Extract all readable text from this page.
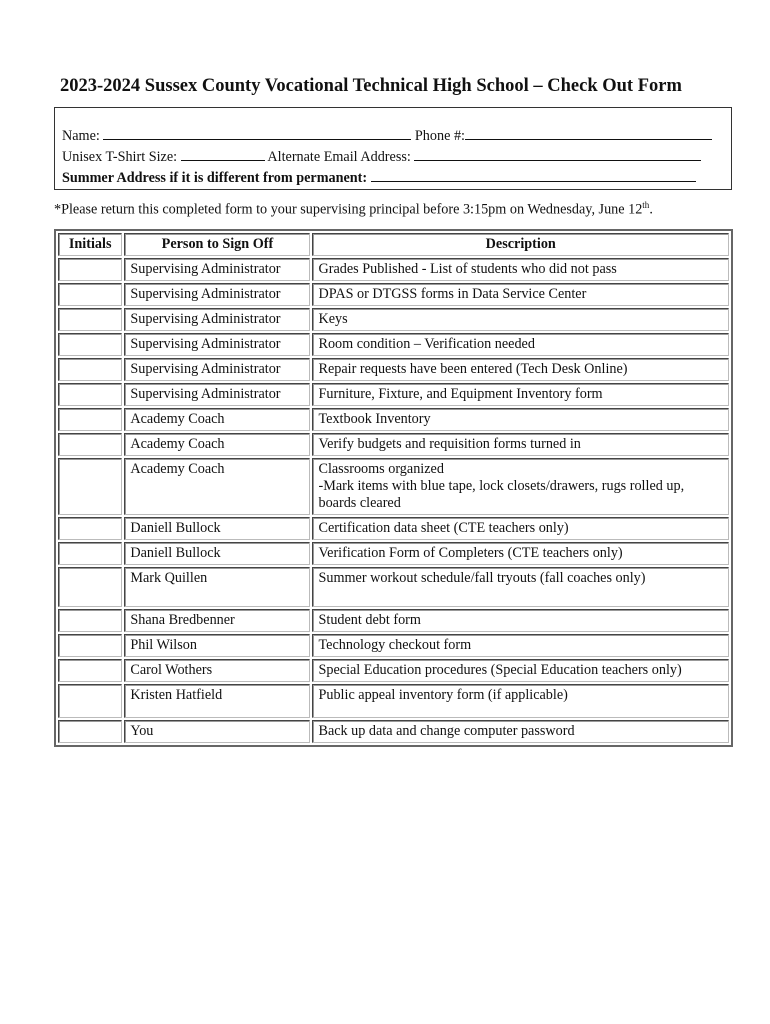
2023-2024 Sussex County Vocational Technical High School – Check Out Form
Name:	Phone #:
Unisex T-Shirt Size:	Alternate Email Address:
Summer Address if it is different from permanent:
*Please return this completed form to your supervising principal before 3:15pm on Wednesday, June 12th.
Initials	Person to Sign Off	Description
	Supervising Administrator	Grades Published - List of students who did not pass
	Supervising Administrator	DPAS or DTGSS forms in Data Service Center
	Supervising Administrator	Keys
	Supervising Administrator	Room condition – Verification needed
	Supervising Administrator	Repair requests have been entered (Tech Desk Online)
	Supervising Administrator	Furniture, Fixture, and Equipment Inventory form
	Academy Coach	Textbook Inventory
	Academy Coach	Verify budgets and requisition forms turned in
	Academy Coach	Classrooms organized
-Mark items with blue tape, lock closets/drawers, rugs rolled up, boards cleared

	Daniell Bullock	Certification data sheet (CTE teachers only)
	Daniell Bullock	Verification Form of Completers (CTE teachers only)
	Mark Quillen	Summer workout schedule/fall tryouts (fall coaches only)
	Shana Bredbenner	Student debt form
	Phil Wilson	Technology checkout form
	Carol Wothers	Special Education procedures (Special Education teachers only)
	Kristen Hatfield	Public appeal inventory form (if applicable)
	You	Back up data and change computer password
